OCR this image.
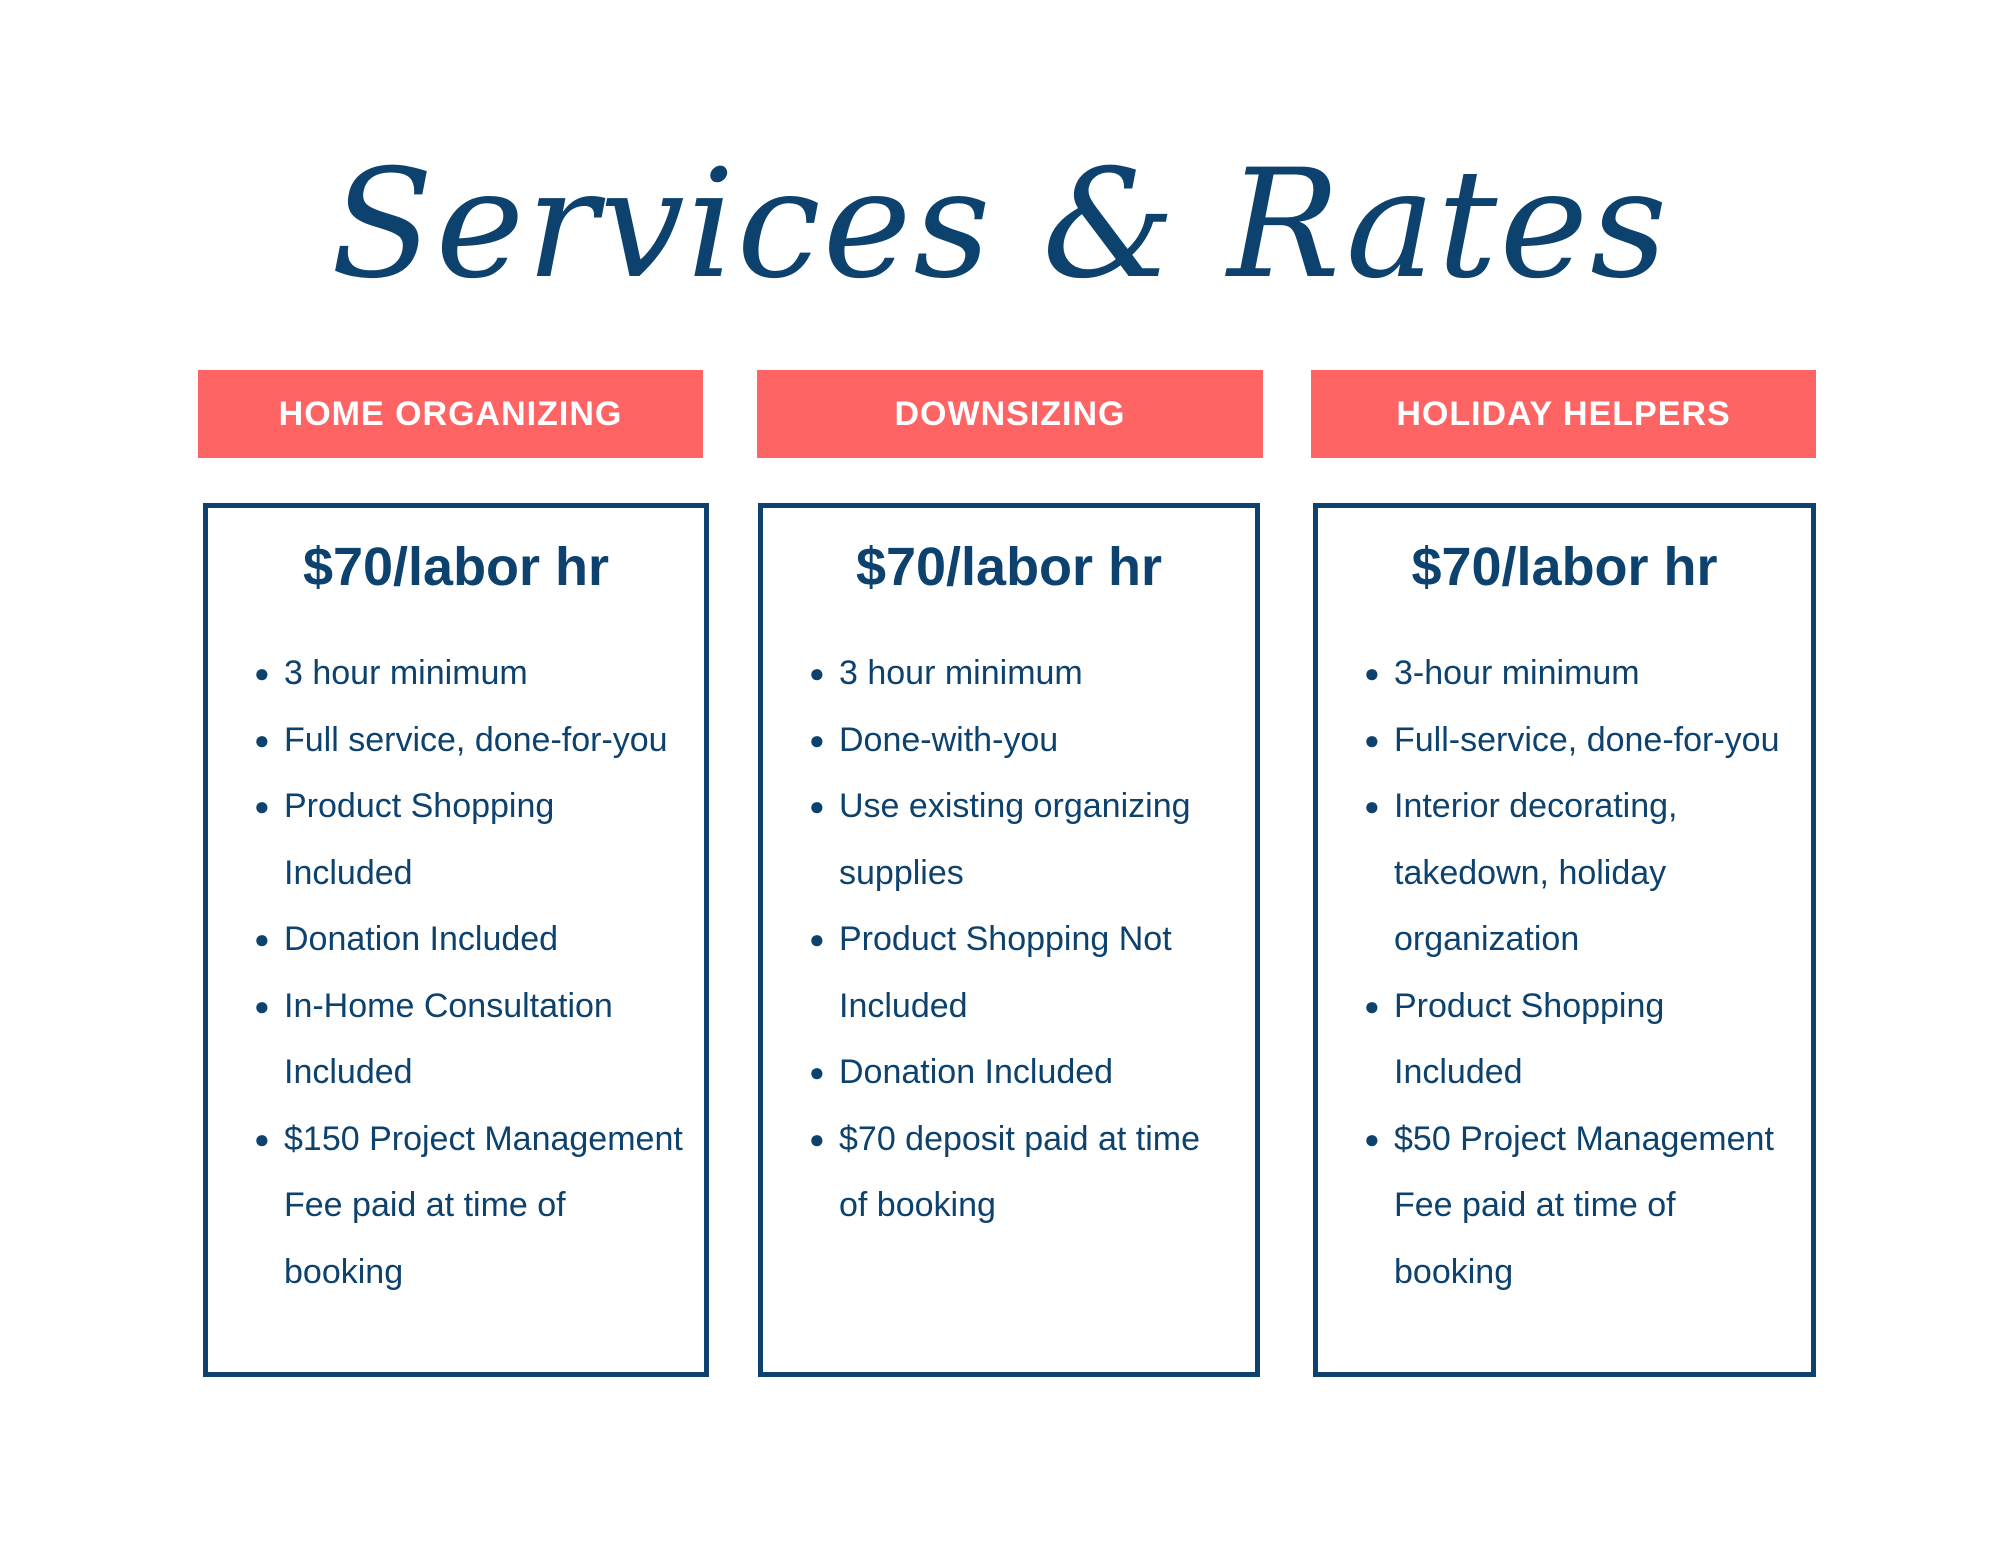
Services & Rates
HOME ORGANIZING
$70/labor hr
● 3 hour minimum
● Full service, done-for-you
● Product Shopping Included
● Donation Included
● In-Home Consultation Included
● $150 Project Management Fee paid at time of booking
DOWNSIZING
$70/labor hr
● 3 hour minimum
● Done-with-you
● Use existing organizing supplies
● Product Shopping Not Included
● Donation Included
● $70 deposit paid at time of booking
HOLIDAY HELPERS
$70/labor hr
● 3-hour minimum
● Full-service, done-for-you
● Interior decorating, takedown, holiday organization
● Product Shopping Included
● $50 Project Management Fee paid at time of booking
